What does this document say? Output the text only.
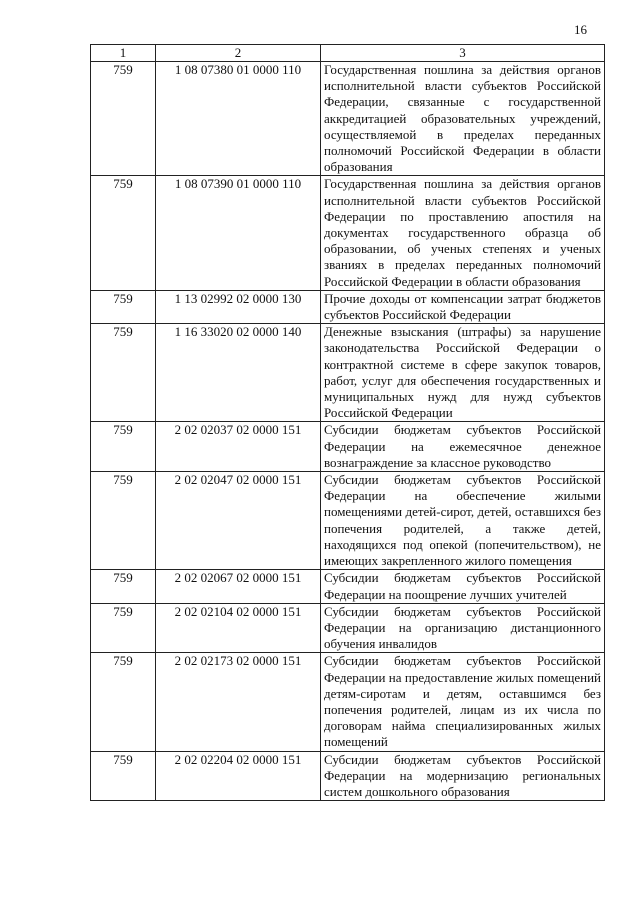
16
1	2	3
759	1 08 07380 01 0000 110	Государственная пошлина за действия органов исполнительной власти субъектов Российской Федерации, связанные с государственной аккредитацией образовательных учреждений, осуществляемой в пределах переданных полномочий Российской Федерации в области образования
759	1 08 07390 01 0000 110	Государственная пошлина за действия органов исполнительной власти субъектов Российской Федерации по проставлению апостиля на документах государственного образца об образовании, об ученых степенях и ученых званиях в пределах переданных полномочий Российской Федерации в области образования
759	1 13 02992 02 0000 130	Прочие доходы от компенсации затрат бюджетов субъектов Российской Федерации
759	1 16 33020 02 0000 140	Денежные взыскания (штрафы) за нарушение законодательства Российской Федерации о контрактной системе в сфере закупок товаров, работ, услуг для обеспечения государственных и муниципальных нужд для нужд субъектов Российской Федерации
759	2 02 02037 02 0000 151	Субсидии бюджетам субъектов Российской Федерации на ежемесячное денежное вознаграждение за классное руководство
759	2 02 02047 02 0000 151	Субсидии бюджетам субъектов Российской Федерации на обеспечение жилыми помещениями детей-сирот, детей, оставшихся без попечения родителей, а также детей, находящихся под опекой (попечительством), не имеющих закрепленного жилого помещения
759	2 02 02067 02 0000 151	Субсидии бюджетам субъектов Российской Федерации на поощрение лучших учителей
759	2 02 02104 02 0000 151	Субсидии бюджетам субъектов Российской Федерации на организацию дистанционного обучения инвалидов
759	2 02 02173 02 0000 151	Субсидии бюджетам субъектов Российской Федерации на предоставление жилых помещений детям-сиротам и детям, оставшимся без попечения родителей, лицам из их числа по договорам найма специализированных жилых помещений
759	2 02 02204 02 0000 151	Субсидии бюджетам субъектов Российской Федерации на модернизацию региональных систем дошкольного образования
